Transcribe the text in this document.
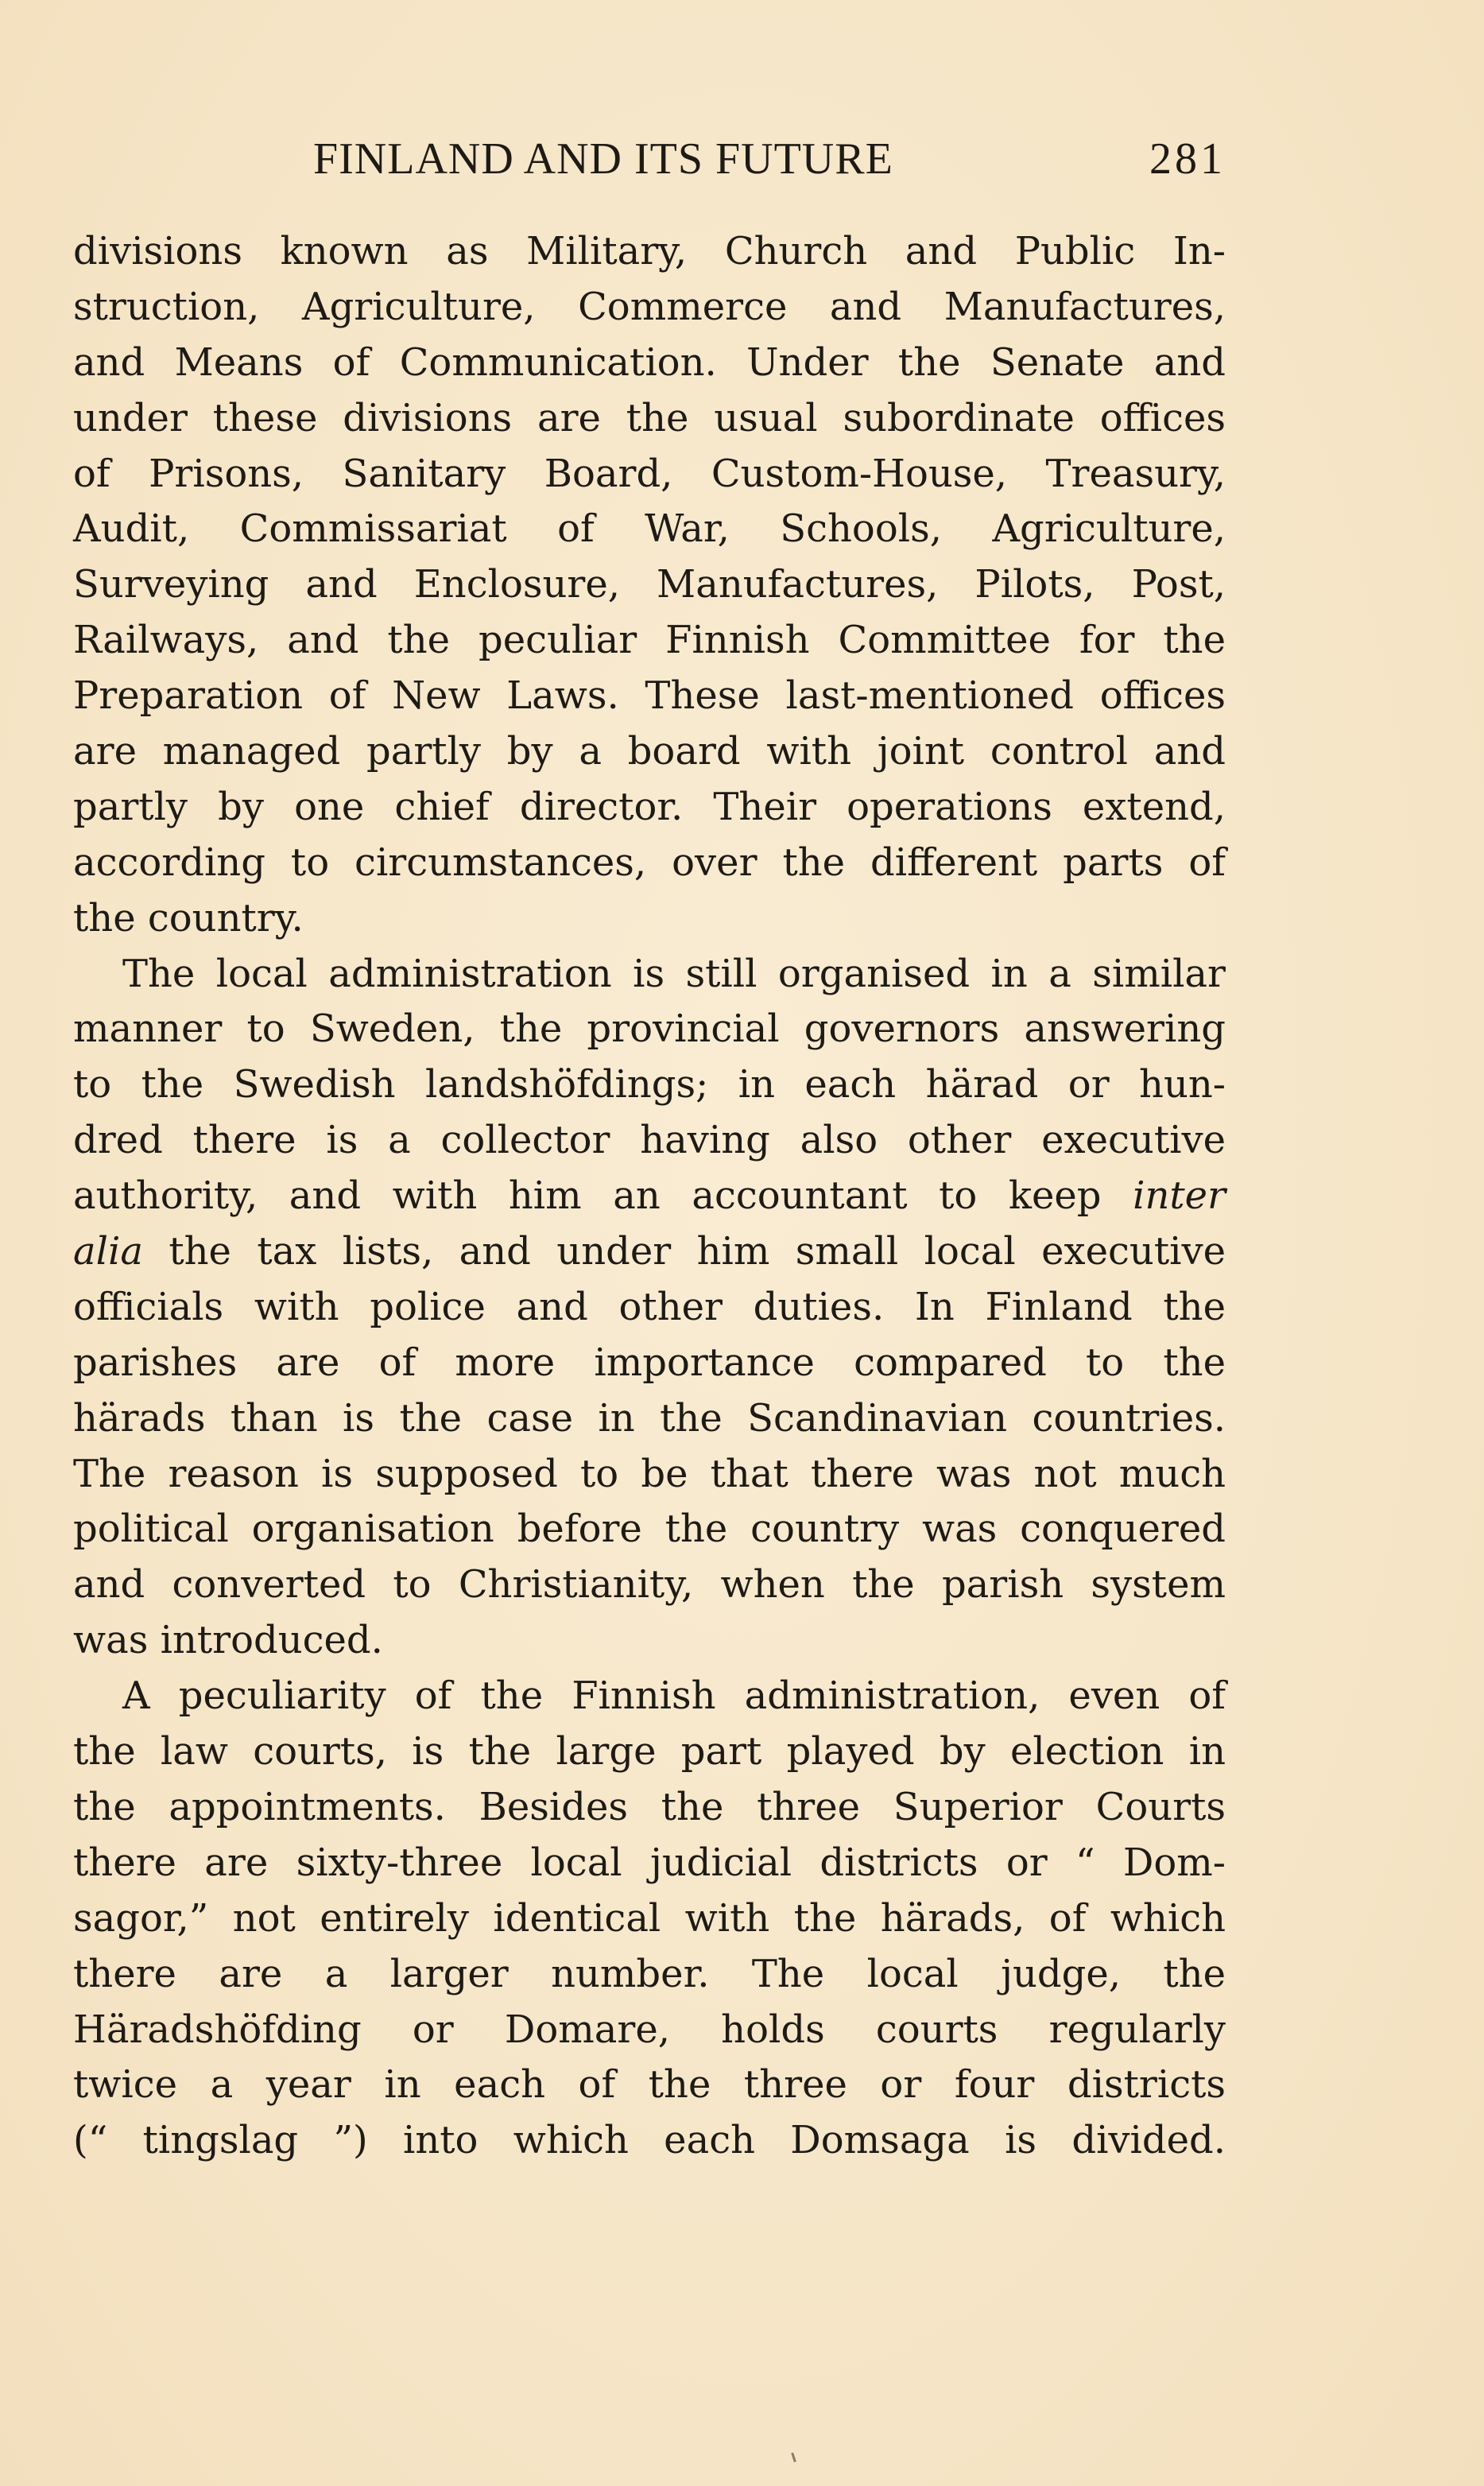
FINLAND AND ITS FUTURE	281
divisions known as Military, Church and Public In-
struction, Agriculture, Commerce and Manufactures,
and Means of Communication. Under the Senate and
under these divisions are the usual subordinate offices
of Prisons, Sanitary Board, Custom-House, Treasury,
Audit, Commissariat of War, Schools, Agriculture,
Surveying and Enclosure, Manufactures, Pilots, Post,
Railways, and the peculiar Finnish Committee for the
Preparation of New Laws. These last-mentioned offices
are managed partly by a board with joint control and
partly by one chief director. Their operations extend,
according to circumstances, over the different parts of
the country.
The local administration is still organised in a similar
manner to Sweden, the provincial governors answering
to the Swedish landshöfdings; in each härad or hun-
dred there is a collector having also other executive
authority, and with him an accountant to keep inter
alia the tax lists, and under him small local executive
officials with police and other duties. In Finland the
parishes are of more importance compared to the
härads than is the case in the Scandinavian countries.
The reason is supposed to be that there was not much
political organisation before the country was conquered
and converted to Christianity, when the parish system
was introduced.
A peculiarity of the Finnish administration, even of
the law courts, is the large part played by election in
the appointments. Besides the three Superior Courts
there are sixty-three local judicial districts or “ Dom-
sagor,” not entirely identical with the härads, of which
there are a larger number. The local judge, the
Häradshöfding or Domare, holds courts regularly
twice a year in each of the three or four districts
(“ tingslag ”) into which each Domsaga is divided.
